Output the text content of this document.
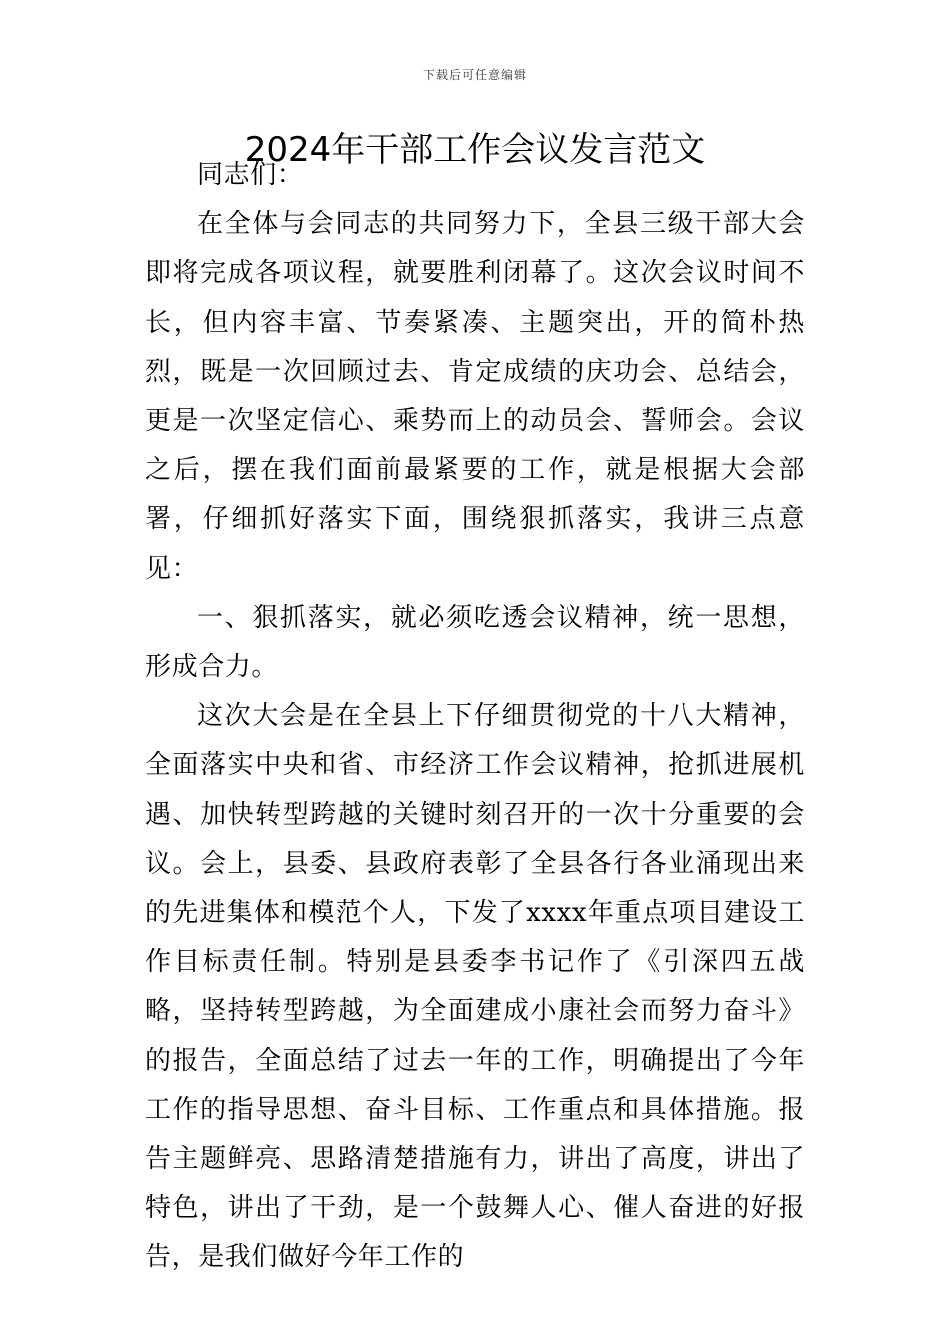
下载后可任意编辑
2024年干部工作会议发言范文

同志们：

在全体与会同志的共同努力下，全县三级干部大会即将完成各项议程，就要胜利闭幕了。这次会议时间不长，但内容丰富、节奏紧凑、主题突出，开的简朴热烈，既是一次回顾过去、肯定成绩的庆功会、总结会，更是一次坚定信心、乘势而上的动员会、誓师会。会议之后，摆在我们面前最紧要的工作，就是根据大会部署，仔细抓好落实下面，围绕狠抓落实，我讲三点意见：

一、狠抓落实，就必须吃透会议精神，统一思想，形成合力。

这次大会是在全县上下仔细贯彻党的十八大精神，全面落实中央和省、市经济工作会议精神，抢抓进展机遇、加快转型跨越的关键时刻召开的一次十分重要的会议。会上，县委、县政府表彰了全县各行各业涌现出来的先进集体和模范个人，下发了xxxx年重点项目建设工作目标责任制。特别是县委李书记作了《引深四五战略，坚持转型跨越，为全面建成小康社会而努力奋斗》的报告，全面总结了过去一年的工作，明确提出了今年工作的指导思想、奋斗目标、工作重点和具体措施。报告主题鲜亮、思路清楚措施有力，讲出了高度，讲出了特色，讲出了干劲，是一个鼓舞人心、催人奋进的好报告，是我们做好今年工作的
